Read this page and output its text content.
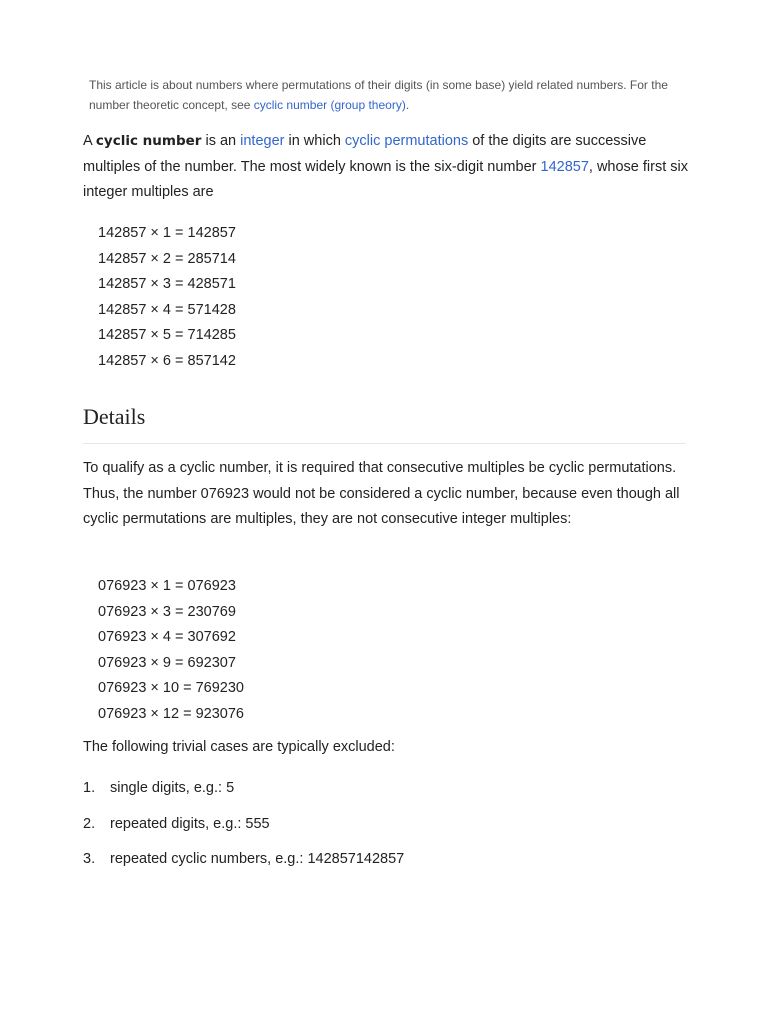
This article is about numbers where permutations of their digits (in some base) yield related numbers. For the number theoretic concept, see cyclic number (group theory).
A cyclic number is an integer in which cyclic permutations of the digits are successive multiples of the number. The most widely known is the six-digit number 142857, whose first six integer multiples are
142857 × 1 = 142857
142857 × 2 = 285714
142857 × 3 = 428571
142857 × 4 = 571428
142857 × 5 = 714285
142857 × 6 = 857142
Details
To qualify as a cyclic number, it is required that consecutive multiples be cyclic permutations. Thus, the number 076923 would not be considered a cyclic number, because even though all cyclic permutations are multiples, they are not consecutive integer multiples:
076923 × 1 = 076923
076923 × 3 = 230769
076923 × 4 = 307692
076923 × 9 = 692307
076923 × 10 = 769230
076923 × 12 = 923076
The following trivial cases are typically excluded:
1. single digits, e.g.: 5
2. repeated digits, e.g.: 555
3. repeated cyclic numbers, e.g.: 142857142857
